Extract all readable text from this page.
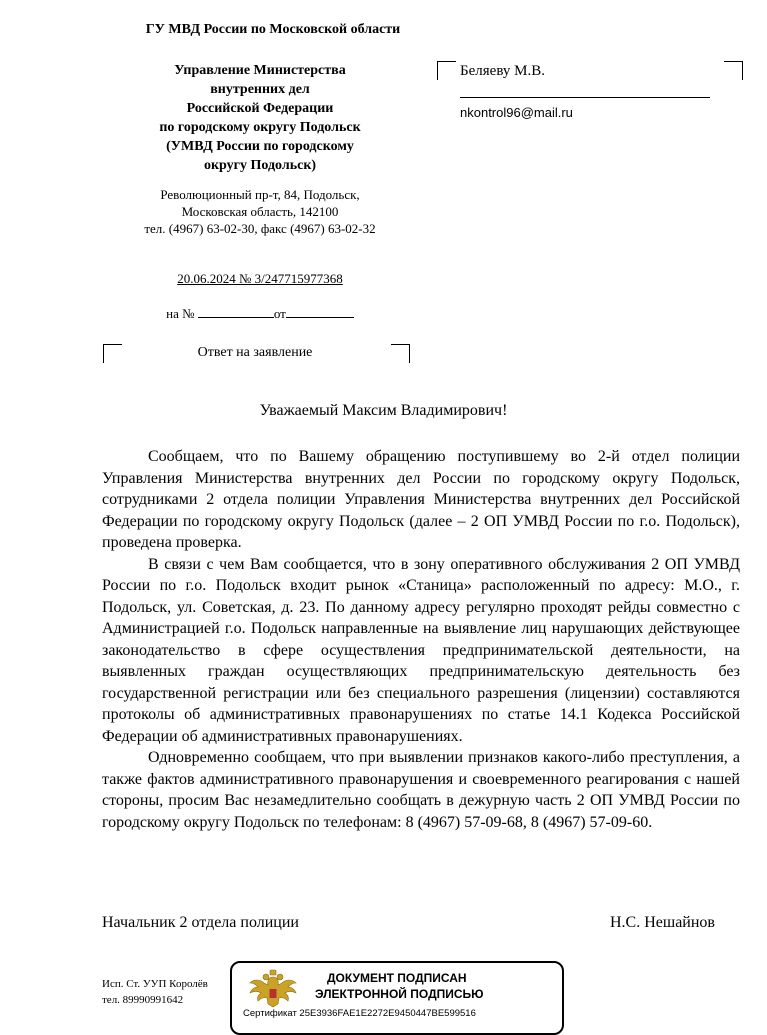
ГУ МВД России по Московской области
Управление Министерства
внутренних дел
Российской Федерации
по городскому округу Подольск
(УМВД России по городскому
округу Подольск)
Революционный пр-т, 84, Подольск,
Московская область, 142100
тел. (4967) 63-02-30, факс (4967) 63-02-32
20.06.2024 № 3/247715977368
на №	от
Ответ на заявление
Беляеву М.В.
nkontrol96@mail.ru
Уважаемый Максим Владимирович!

Сообщаем, что по Вашему обращению поступившему во 2-й отдел полиции Управления Министерства внутренних дел России по городскому округу Подольск, сотрудниками 2 отдела полиции Управления Министерства внутренних дел Российской Федерации по городскому округу Подольск (далее – 2 ОП УМВД России по г.о. Подольск), проведена проверка.

В связи с чем Вам сообщается, что в зону оперативного обслуживания 2 ОП УМВД России по г.о. Подольск входит рынок «Станица» расположенный по адресу: М.О., г. Подольск, ул. Советская, д. 23. По данному адресу регулярно проходят рейды совместно с Администрацией г.о. Подольск направленные на выявление лиц нарушающих действующее законодательство в сфере осуществления предпринимательской деятельности, на выявленных граждан осуществляющих предпринимательскую деятельность без государственной регистрации или без специального разрешения (лицензии) составляются протоколы об административных правонарушениях по статье 14.1 Кодекса Российской Федерации об административных правонарушениях.

Одновременно сообщаем, что при выявлении признаков какого-либо преступления, а также фактов административного правонарушения и своевременного реагирования с нашей стороны, просим Вас незамедлительно сообщать в дежурную часть 2 ОП УМВД России по городскому округу Подольск по телефонам: 8 (4967) 57-09-68, 8 (4967) 57-09-60.

Начальник 2 отдела полиции	Н.С. Нешайнов
Исп. Ст. УУП Королёв
тел. 89990991642
ДОКУМЕНТ ПОДПИСАН
ЭЛЕКТРОННОЙ ПОДПИСЬЮ
Сертификат 25E3936FAE1E2272E9450447BE599516
